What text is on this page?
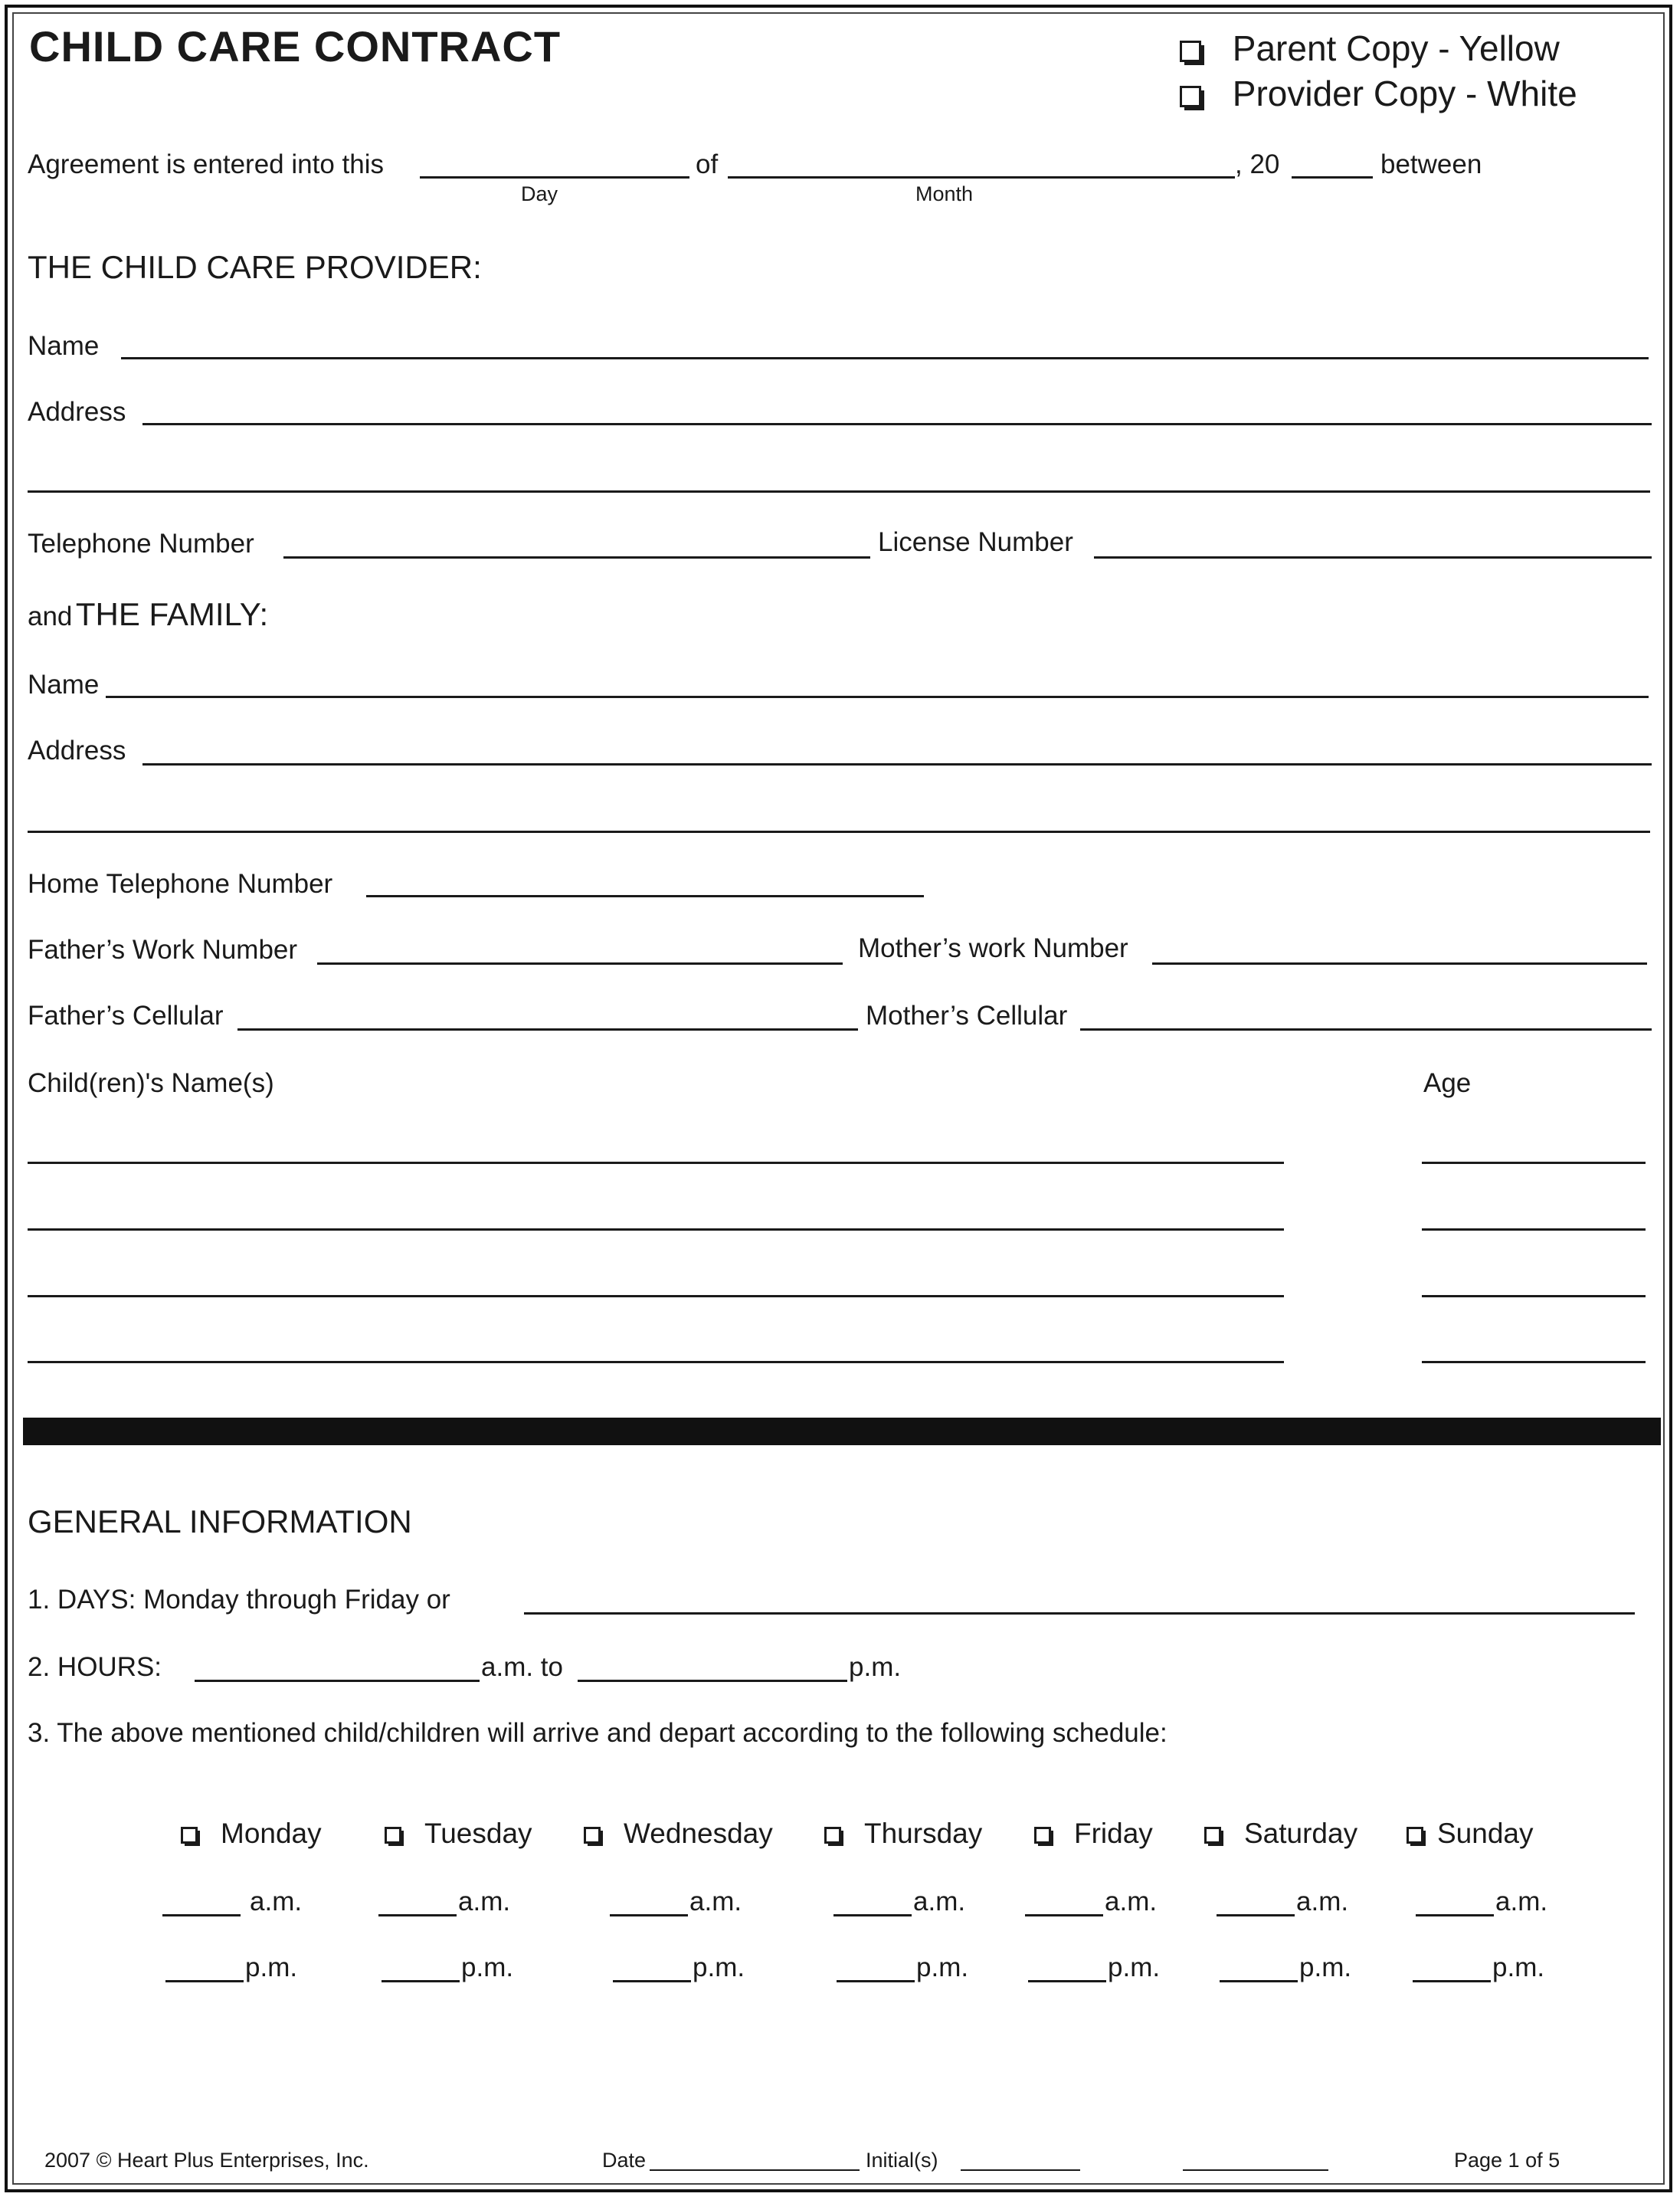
CHILD CARE CONTRACT	Parent Copy - Yellow
Provider Copy - White
Agreement is entered into this
Day
of
Month
, 20	between
THE CHILD CARE PROVIDER:
Name
Address
Telephone Number	License Number
and THE FAMILY:
Name
Address
Home Telephone Number
Father’s Work Number	Mother’s work Number
Father’s Cellular	Mother’s Cellular
Child(ren)'s Name(s)	Age
GENERAL INFORMATION
1. DAYS: Monday through Friday or
2. HOURS:	a.m. to	p.m.
3. The above mentioned child/children will arrive and depart according to the following schedule:
Monday	Tuesday	Wednesday	Thursday	Friday	Saturday	Sunday
a.m.	a.m.	a.m.	a.m.	a.m.	a.m.	a.m.
p.m.	p.m.	p.m.	p.m.	p.m.	p.m.	p.m.
2007 © Heart Plus Enterprises, Inc.	Date	Initial(s)	Page 1 of 5
